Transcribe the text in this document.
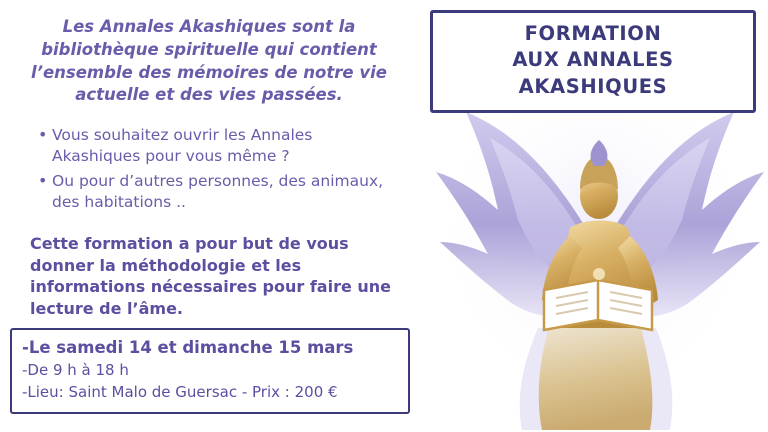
Les Annales Akashiques sont la bibliothèque spirituelle qui contient l’ensemble des mémoires de notre vie actuelle et des vies passées.
• Vous souhaitez ouvrir les Annales Akashiques pour vous même ?
• Ou pour d’autres personnes, des animaux, des habitations ..
Cette formation a pour but de vous donner la méthodologie et les informations nécessaires pour faire une lecture de l’âme.
-Le samedi 14 et dimanche 15 mars
-De 9 h à 18 h
-Lieu: Saint Malo de Guersac - Prix : 200 €
FORMATION
AUX ANNALES AKASHIQUES
